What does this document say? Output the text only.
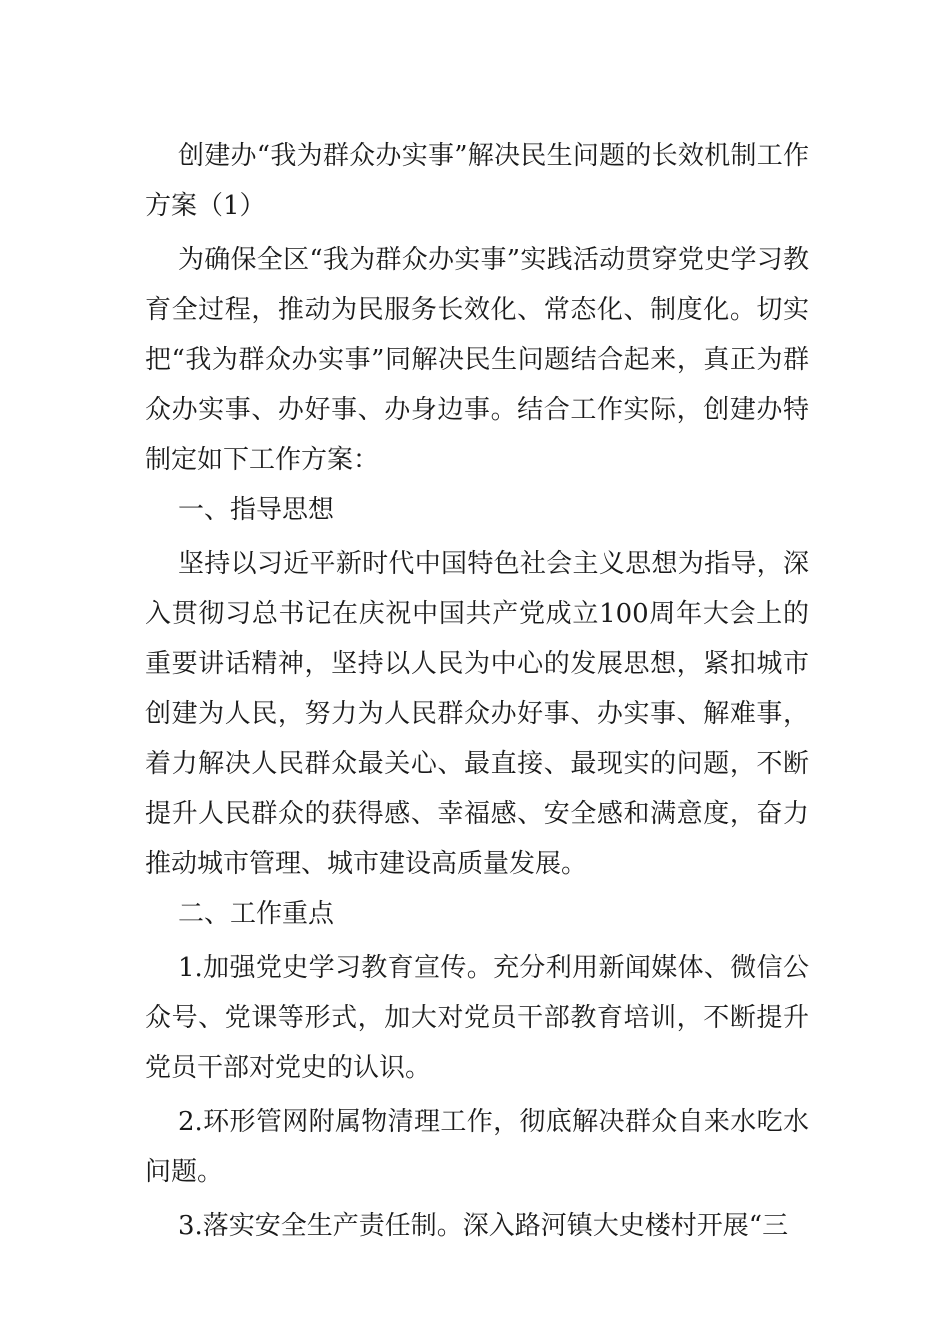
创建办“我为群众办实事”解决民生问题的长效机制工作方案（1）

为确保全区“我为群众办实事”实践活动贯穿党史学习教育全过程，推动为民服务长效化、常态化、制度化。切实把“我为群众办实事”同解决民生问题结合起来，真正为群众办实事、办好事、办身边事。结合工作实际，创建办特制定如下工作方案：

一、指导思想

坚持以习近平新时代中国特色社会主义思想为指导，深入贯彻习总书记在庆祝中国共产党成立100周年大会上的重要讲话精神，坚持以人民为中心的发展思想，紧扣城市创建为人民，努力为人民群众办好事、办实事、解难事，着力解决人民群众最关心、最直接、最现实的问题，不断提升人民群众的获得感、幸福感、安全感和满意度，奋力推动城市管理、城市建设高质量发展。

二、工作重点

1.加强党史学习教育宣传。充分利用新闻媒体、微信公众号、党课等形式，加大对党员干部教育培训，不断提升党员干部对党史的认识。

2.环形管网附属物清理工作，彻底解决群众自来水吃水问题。

3.落实安全生产责任制。深入路河镇大史楼村开展“三
